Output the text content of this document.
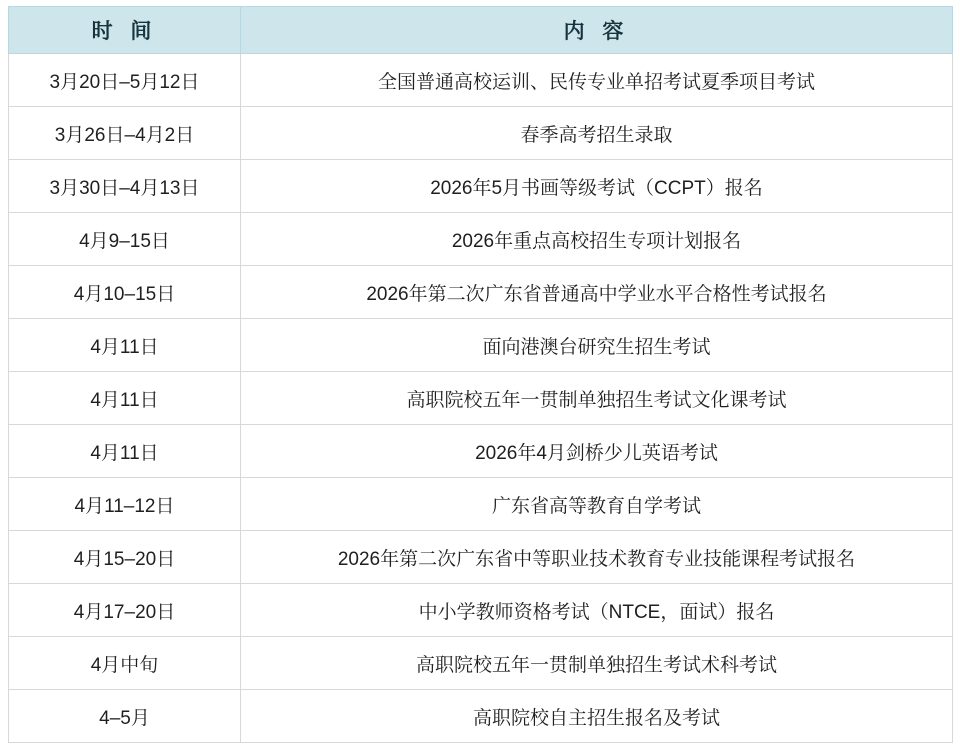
时 间	内 容
3月20日–5月12日	全国普通高校运训、民传专业单招考试夏季项目考试
3月26日–4月2日	春季高考招生录取
3月30日–4月13日	2026年5月书画等级考试（CCPT）报名
4月9–15日	2026年重点高校招生专项计划报名
4月10–15日	2026年第二次广东省普通高中学业水平合格性考试报名
4月11日	面向港澳台研究生招生考试
4月11日	高职院校五年一贯制单独招生考试文化课考试
4月11日	2026年4月剑桥少儿英语考试
4月11–12日	广东省高等教育自学考试
4月15–20日	2026年第二次广东省中等职业技术教育专业技能课程考试报名
4月17–20日	中小学教师资格考试（NTCE，面试）报名
4月中旬	高职院校五年一贯制单独招生考试术科考试
4–5月	高职院校自主招生报名及考试
